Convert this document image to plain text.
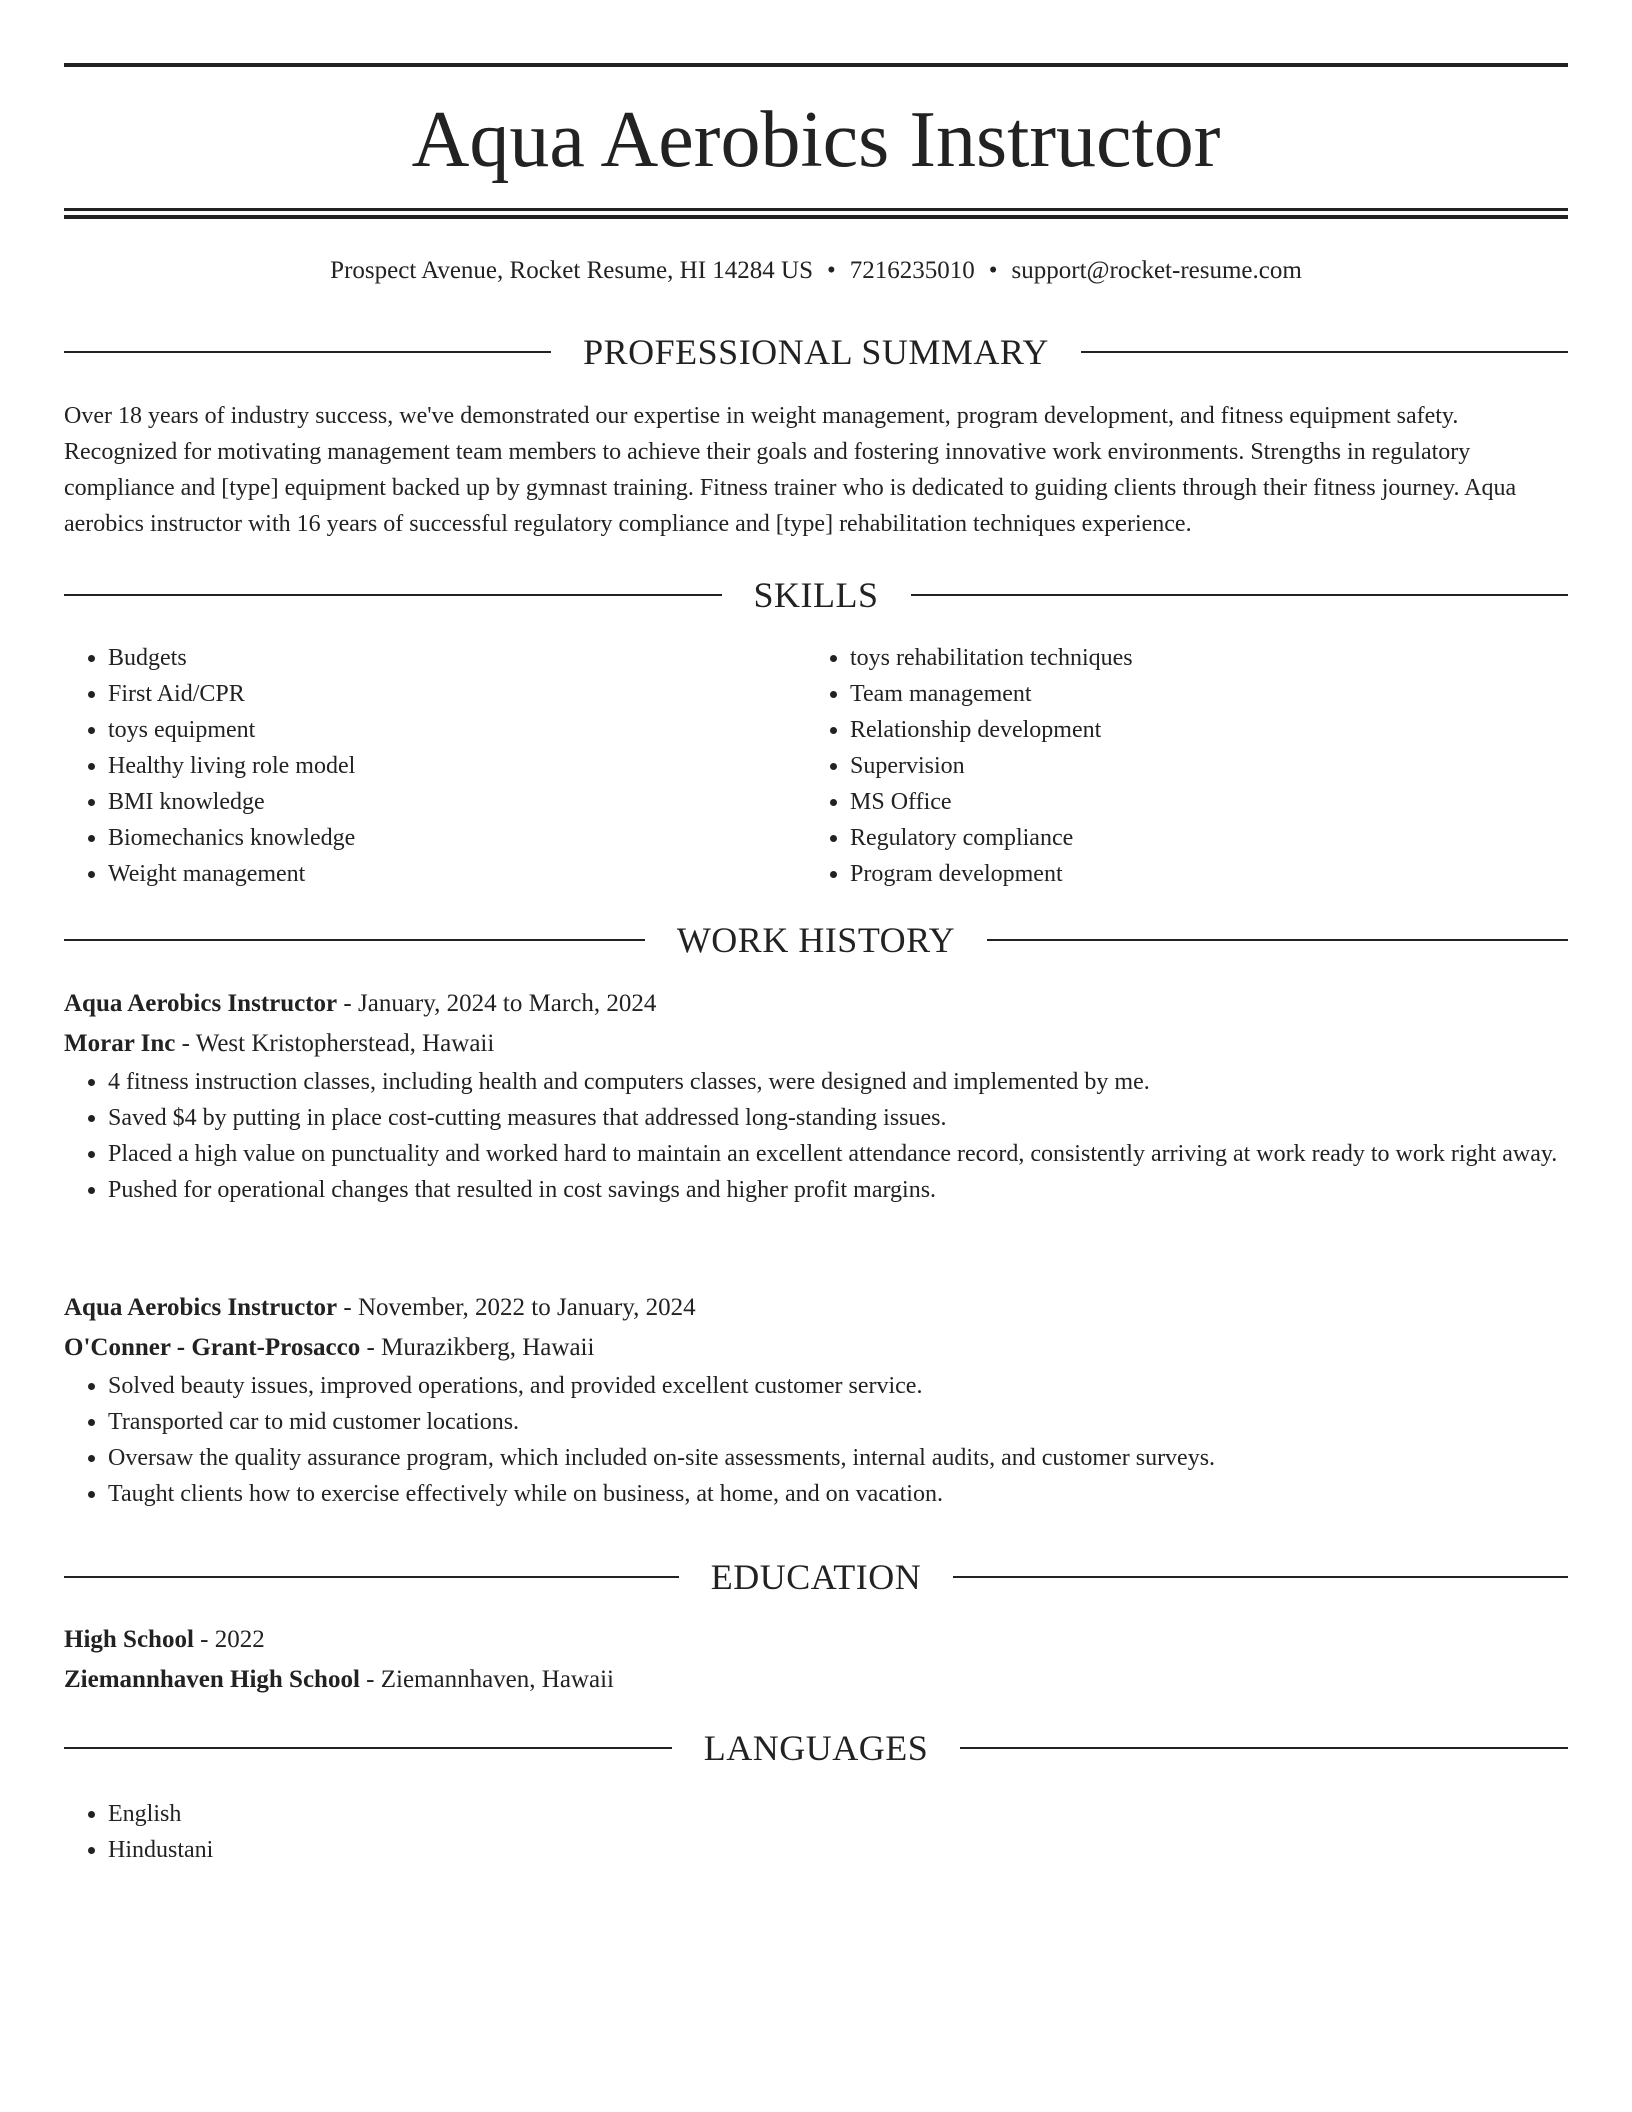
Aqua Aerobics Instructor
Prospect Avenue, Rocket Resume, HI 14284 US • 7216235010 • support@rocket-resume.com
PROFESSIONAL SUMMARY
Over 18 years of industry success, we've demonstrated our expertise in weight management, program development, and fitness equipment safety. Recognized for motivating management team members to achieve their goals and fostering innovative work environments. Strengths in regulatory compliance and [type] equipment backed up by gymnast training. Fitness trainer who is dedicated to guiding clients through their fitness journey. Aqua aerobics instructor with 16 years of successful regulatory compliance and [type] rehabilitation techniques experience.
SKILLS
• Budgets
• First Aid/CPR
• toys equipment
• Healthy living role model
• BMI knowledge
• Biomechanics knowledge
• Weight management
• toys rehabilitation techniques
• Team management
• Relationship development
• Supervision
• MS Office
• Regulatory compliance
• Program development
WORK HISTORY
Aqua Aerobics Instructor - January, 2024 to March, 2024
Morar Inc - West Kristopherstead, Hawaii
• 4 fitness instruction classes, including health and computers classes, were designed and implemented by me.
• Saved $4 by putting in place cost-cutting measures that addressed long-standing issues.
• Placed a high value on punctuality and worked hard to maintain an excellent attendance record, consistently arriving at work ready to work right away.
• Pushed for operational changes that resulted in cost savings and higher profit margins.
Aqua Aerobics Instructor - November, 2022 to January, 2024
O'Conner - Grant-Prosacco - Murazikberg, Hawaii
• Solved beauty issues, improved operations, and provided excellent customer service.
• Transported car to mid customer locations.
• Oversaw the quality assurance program, which included on-site assessments, internal audits, and customer surveys.
• Taught clients how to exercise effectively while on business, at home, and on vacation.
EDUCATION
High School - 2022
Ziemannhaven High School - Ziemannhaven, Hawaii
LANGUAGES
• English
• Hindustani
